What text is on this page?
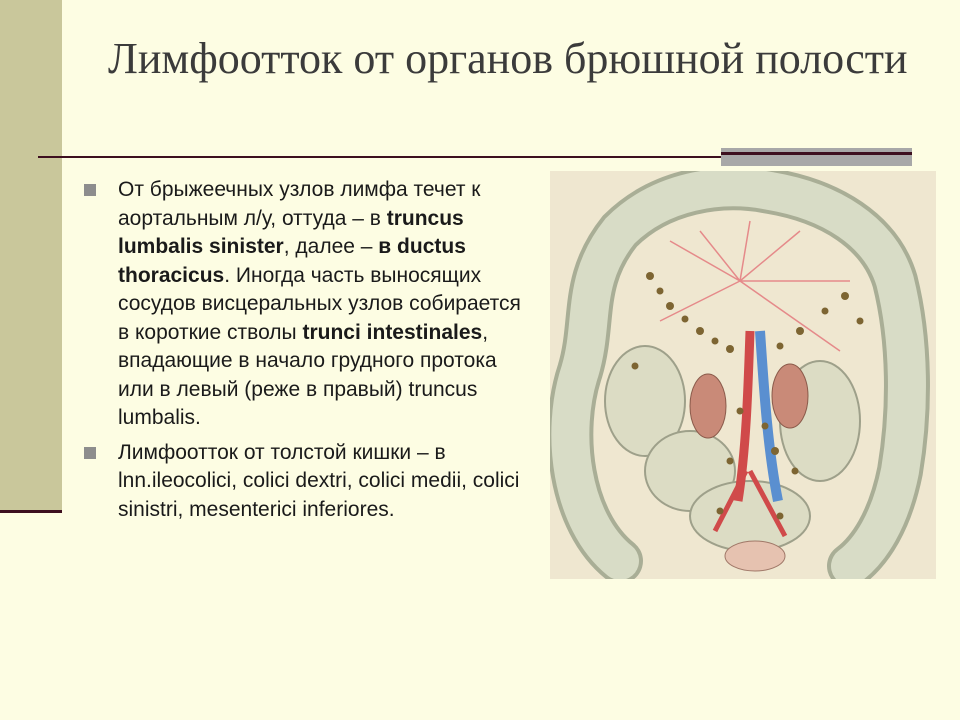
Лимфоотток от органов брюшной полости
От брыжеечных узлов лимфа течет к аортальным л/у, оттуда – в truncus lumbalis sinister, далее – в ductus thoracicus. Иногда часть выносящих сосудов висцеральных узлов собирается в короткие стволы trunci intestinales, впадающие в начало грудного протока или в левый (реже в правый) truncus lumbalis.
Лимфоотток от толстой кишки – в lnn.ileocolici, colici dextri, colici medii, colici sinistri, mesenterici inferiores.
